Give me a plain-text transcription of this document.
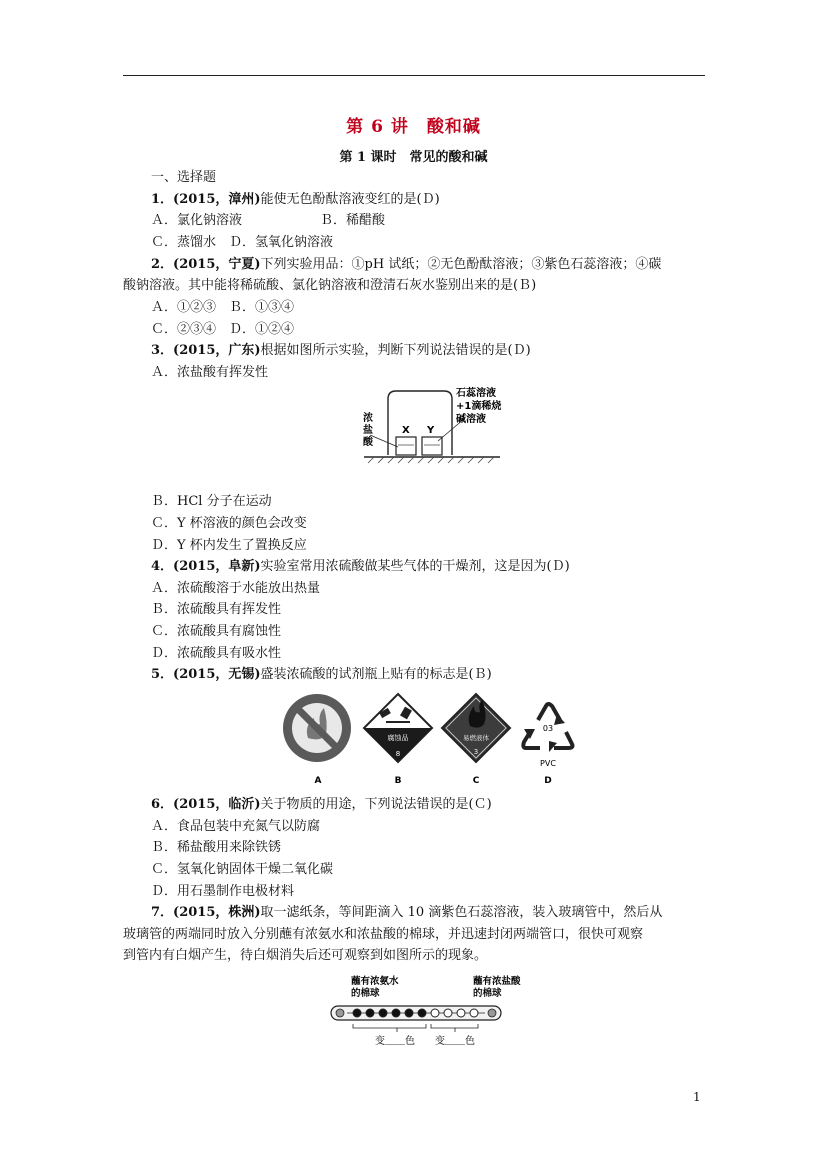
第 6 讲　酸和碱
第 1 课时　常见的酸和碱
一、选择题
1．(2015，漳州)能使无色酚酞溶液变红的是(Ｄ)
Ａ．氯化钠溶液	Ｂ．稀醋酸
Ｃ．蒸馏水　Ｄ．氢氧化钠溶液
2．(2015，宁夏)下列实验用品：①pH 试纸；②无色酚酞溶液；③紫色石蕊溶液；④碳
酸钠溶液。其中能将稀硫酸、氯化钠溶液和澄清石灰水鉴别出来的是(Ｂ)
Ａ．①②③　Ｂ．①③④
Ｃ．②③④　Ｄ．①②④
3．(2015，广东)根据如图所示实验，判断下列说法错误的是(Ｄ)
Ａ．浓盐酸有挥发性
浓
盐
酸
X Y
石蕊溶液
+1滴稀烧
碱溶液
Ｂ．HCl 分子在运动
Ｃ．Y 杯溶液的颜色会改变
Ｄ．Y 杯内发生了置换反应
4．(2015，阜新)实验室常用浓硫酸做某些气体的干燥剂，这是因为(Ｄ)
Ａ．浓硫酸溶于水能放出热量
Ｂ．浓硫酸具有挥发性
Ｃ．浓硫酸具有腐蚀性
Ｄ．浓硫酸具有吸水性
5．(2015，无锡)盛装浓硫酸的试剂瓶上贴有的标志是(Ｂ)
腐蚀品
8
易燃液体
3
03
PVC
A	B	C	D
6．(2015，临沂)关于物质的用途，下列说法错误的是(Ｃ)
Ａ．食品包装中充氮气以防腐
Ｂ．稀盐酸用来除铁锈
Ｃ．氢氧化钠固体干燥二氧化碳
Ｄ．用石墨制作电极材料
7．(2015，株洲)取一滤纸条，等间距滴入 10 滴紫色石蕊溶液，装入玻璃管中，然后从
玻璃管的两端同时放入分别蘸有浓氨水和浓盐酸的棉球，并迅速封闭两端管口，很快可观察
到管内有白烟产生，待白烟消失后还可观察到如图所示的现象。
蘸有浓氨水
的棉球
蘸有浓盐酸
的棉球
变＿＿色 变＿＿色
1
